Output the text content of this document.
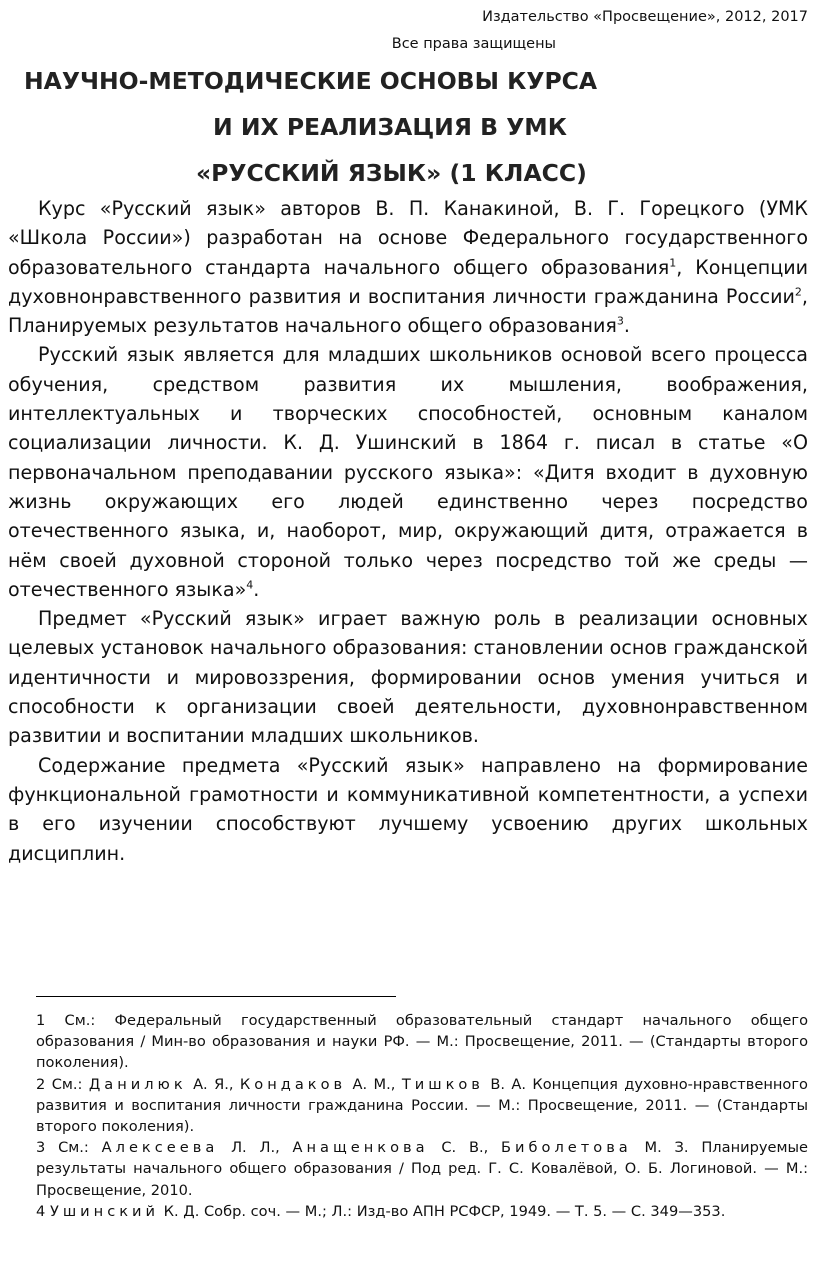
Издательство «Просвещение», 2012, 2017

Все права защищены
НАУЧНО-МЕТОДИЧЕСКИЕ ОСНОВЫ КУРСА
И ИХ РЕАЛИЗАЦИЯ В УМК
«РУССКИЙ ЯЗЫК» (1 КЛАСС)

Курс «Русский язык» авторов В. П. Канакиной, В. Г. Горецкого (УМК «Школа России») разработан на основе Федерального государственного образовательного стандарта начального общего образования$^1$, Концепции духовнонравственного развития и воспитания личности гражданина России$^2$, Планируемых результатов начального общего образования$^3$.

Русский язык является для младших школьников основой всего процесса обучения, средством развития их мышления, воображения, интеллектуальных и творческих способностей, основным каналом социализации личности. К. Д. Ушинский в 1864 г. писал в статье «О первоначальном преподавании русского языка»: «Дитя входит в духовную жизнь окружающих его людей единственно через посредство отечественного языка, и, наоборот, мир, окружающий дитя, отражается в нём своей духовной стороной только через посредство той же среды — отечественного языка»$^4$.

Предмет «Русский язык» играет важную роль в реализации основных целевых установок начального образования: становлении основ гражданской идентичности и мировоззрения, формировании основ умения учиться и способности к организации своей деятельности, духовнонравственном развитии и воспитании младших школьников.

Содержание предмета «Русский язык» направлено на формирование функциональной грамотности и коммуникативной компетентности, а успехи в его изучении способствуют лучшему усвоению других школьных дисциплин.

1 См.: Федеральный государственный образовательный стандарт начального общего образования / Мин-во образования и науки РФ. — М.: Просвещение, 2011. — (Стандарты второго поколения).

2 См.: Данилюк А. Я., Кондаков А. М., Тишков В. А. Концепция духовно-нравственного развития и воспитания личности гражданина России. — М.: Просвещение, 2011. — (Стандарты второго поколения).

3 См.: Алексеева Л. Л., Анащенкова С. В., Биболетова М. З. Планируемые результаты начального общего образования / Под ред. Г. С. Ковалёвой, О. Б. Логиновой. — М.: Просвещение, 2010.

4 Ушинский К. Д. Собр. соч. — М.; Л.: Изд-во АПН РСФСР, 1949. — Т. 5. — С. 349—353.
